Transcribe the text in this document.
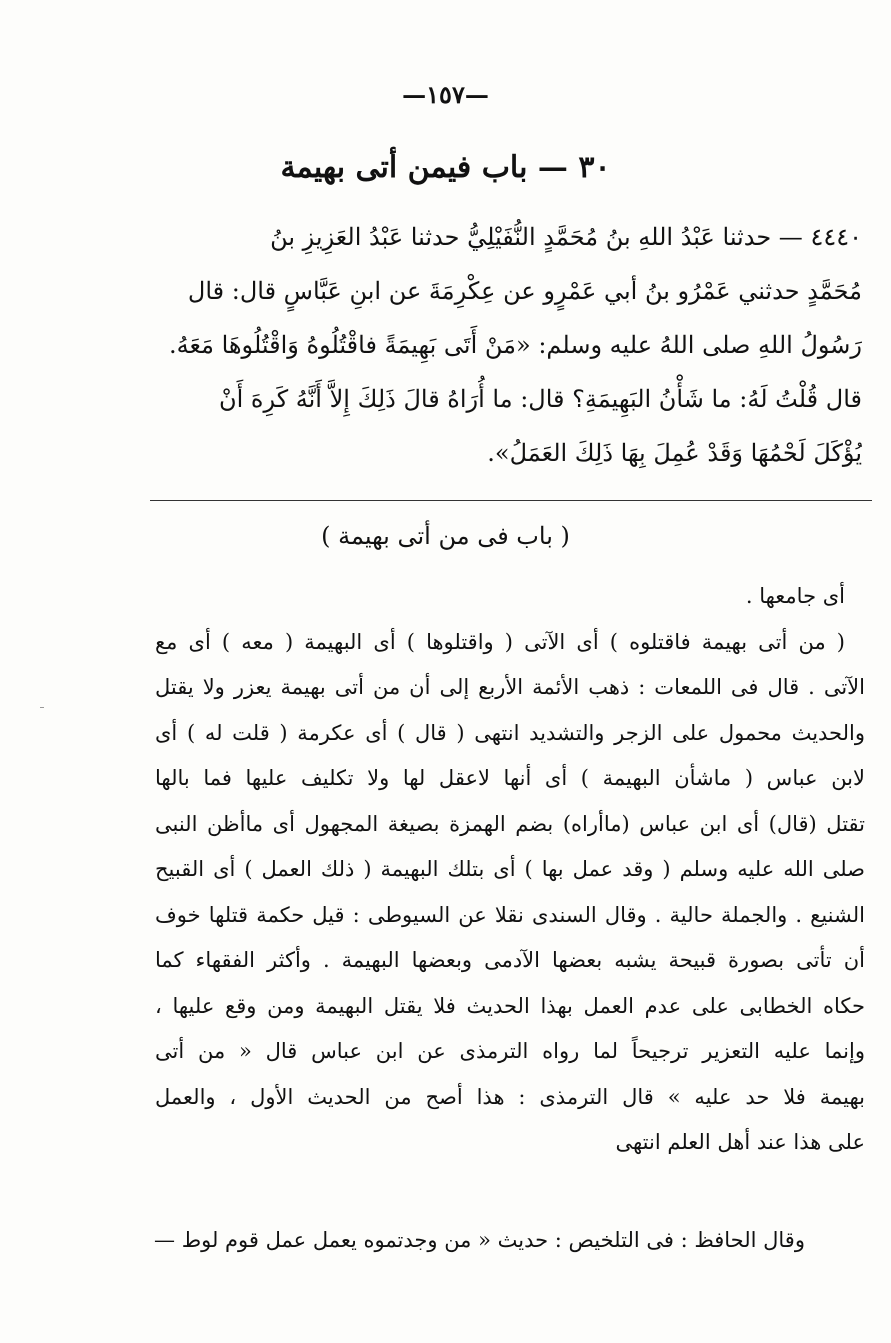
—١٥٧—
٣٠ — باب فيمن أتى بهيمة
٤٤٤٠ — حدثنا عَبْدُ اللهِ بنُ مُحَمَّدٍ النُّفَيْلِيُّ حدثنا عَبْدُ العَزِيزِ بنُ
مُحَمَّدٍ حدثني عَمْرُو بنُ أبي عَمْرٍو عن عِكْرِمَةَ عن ابنِ عَبَّاسٍ قال: قال
رَسُولُ اللهِ صلى اللهُ عليه وسلم: «مَنْ أَتَى بَهِيمَةً فاقْتُلُوهُ وَاقْتُلُوهَا مَعَهُ.
قال قُلْتُ لَهُ: ما شَأْنُ البَهِيمَةِ؟ قال: ما أُرَاهُ قالَ ذَلِكَ إِلاَّ أَنَّهُ كَرِهَ أَنْ
يُؤْكَلَ لَحْمُهَا وَقَدْ عُمِلَ بِهَا ذَلِكَ العَمَلُ».
( باب فى من أتى بهيمة )
أى جامعها .
( من أتى بهيمة فاقتلوه ) أى الآتى ( واقتلوها ) أى البهيمة ( معه ) أى مع
الآتى . قال فى اللمعات : ذهب الأئمة الأربع إلى أن من أتى بهيمة يعزر ولا يقتل
والحديث محمول على الزجر والتشديد انتهى ( قال ) أى عكرمة ( قلت له ) أى
لابن عباس ( ماشأن البهيمة ) أى أنها لاعقل لها ولا تكليف عليها فما بالها
تقتل (قال) أى ابن عباس (ماأراه) بضم الهمزة بصيغة المجهول أى ماأظن النبى
صلى الله عليه وسلم ( وقد عمل بها ) أى بتلك البهيمة ( ذلك العمل ) أى القبيح
الشنيع . والجملة حالية . وقال السندى نقلا عن السيوطى : قيل حكمة قتلها خوف
أن تأتى بصورة قبيحة يشبه بعضها الآدمى وبعضها البهيمة . وأكثر الفقهاء كما
حكاه الخطابى على عدم العمل بهذا الحديث فلا يقتل البهيمة ومن وقع عليها ،
وإنما عليه التعزير ترجيحاً لما رواه الترمذى عن ابن عباس قال « من أتى
بهيمة فلا حد عليه » قال الترمذى : هذا أصح من الحديث الأول ، والعمل
على هذا عند أهل العلم انتهى
وقال الحافظ : فى التلخيص : حديث « من وجدتموه يعمل عمل قوم لوط —
